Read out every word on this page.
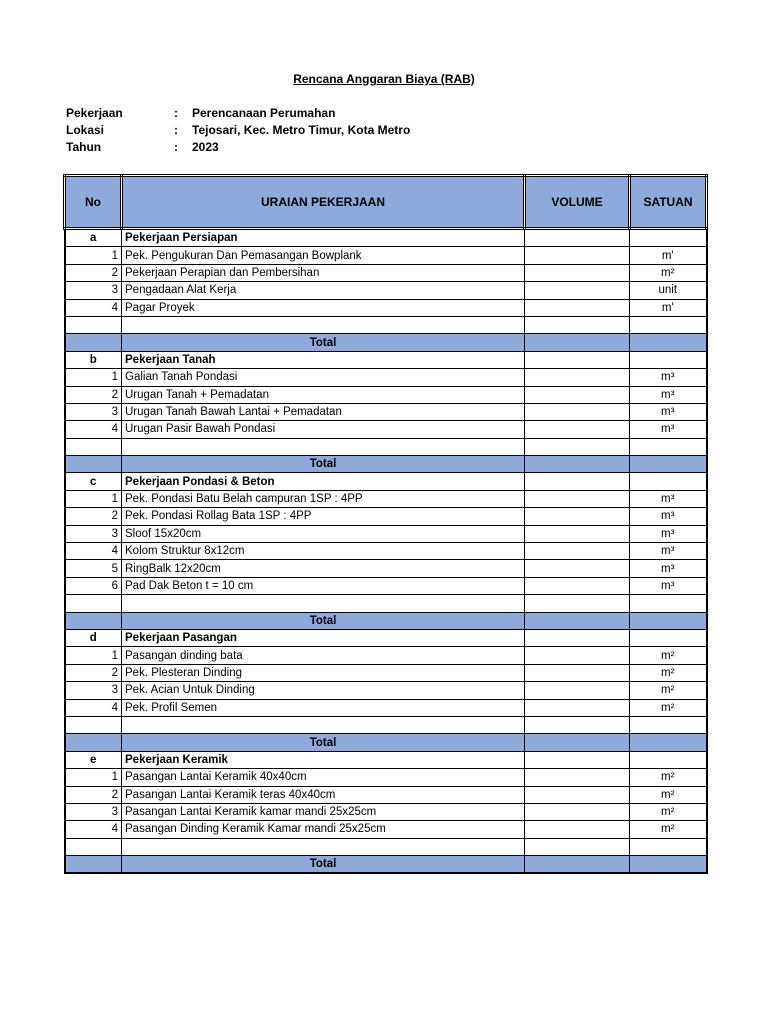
Rencana Anggaran Biaya (RAB)
Pekerjaan	: Perencanaan Perumahan
Lokasi	: Tejosari, Kec. Metro Timur, Kota Metro
Tahun	: 2023
No	URAIAN PEKERJAAN	VOLUME	SATUAN
a	Pekerjaan Persiapan		
1	Pek. Pengukuran Dan Pemasangan Bowplank		m'
2	Pekerjaan Perapian dan Pembersihan		m²
3	Pengadaan Alat Kerja		unit
4	Pagar Proyek		m'

	Total		
b	Pekerjaan Tanah		
1	Galian Tanah Pondasi		m³
2	Urugan Tanah + Pemadatan		m³
3	Urugan Tanah Bawah Lantai + Pemadatan		m³
4	Urugan Pasir Bawah Pondasi		m³

	Total		
c	Pekerjaan Pondasi & Beton		
1	Pek. Pondasi Batu Belah campuran 1SP : 4PP		m³
2	Pek. Pondasi Rollag Bata 1SP : 4PP		m³
3	Sloof 15x20cm		m³
4	Kolom Struktur 8x12cm		m³
5	RingBalk 12x20cm		m³
6	Pad Dak Beton t = 10 cm		m³

	Total		
d	Pekerjaan Pasangan		
1	Pasangan dinding bata		m²
2	Pek. Plesteran Dinding		m²
3	Pek. Acian Untuk Dinding		m²
4	Pek. Profil Semen		m²

	Total		
e	Pekerjaan Keramik		
1	Pasangan Lantai Keramik 40x40cm		m²
2	Pasangan Lantai Keramik teras 40x40cm		m²
3	Pasangan Lantai Keramik kamar mandi 25x25cm		m²
4	Pasangan Dinding Keramik Kamar mandi 25x25cm		m²

	Total		
